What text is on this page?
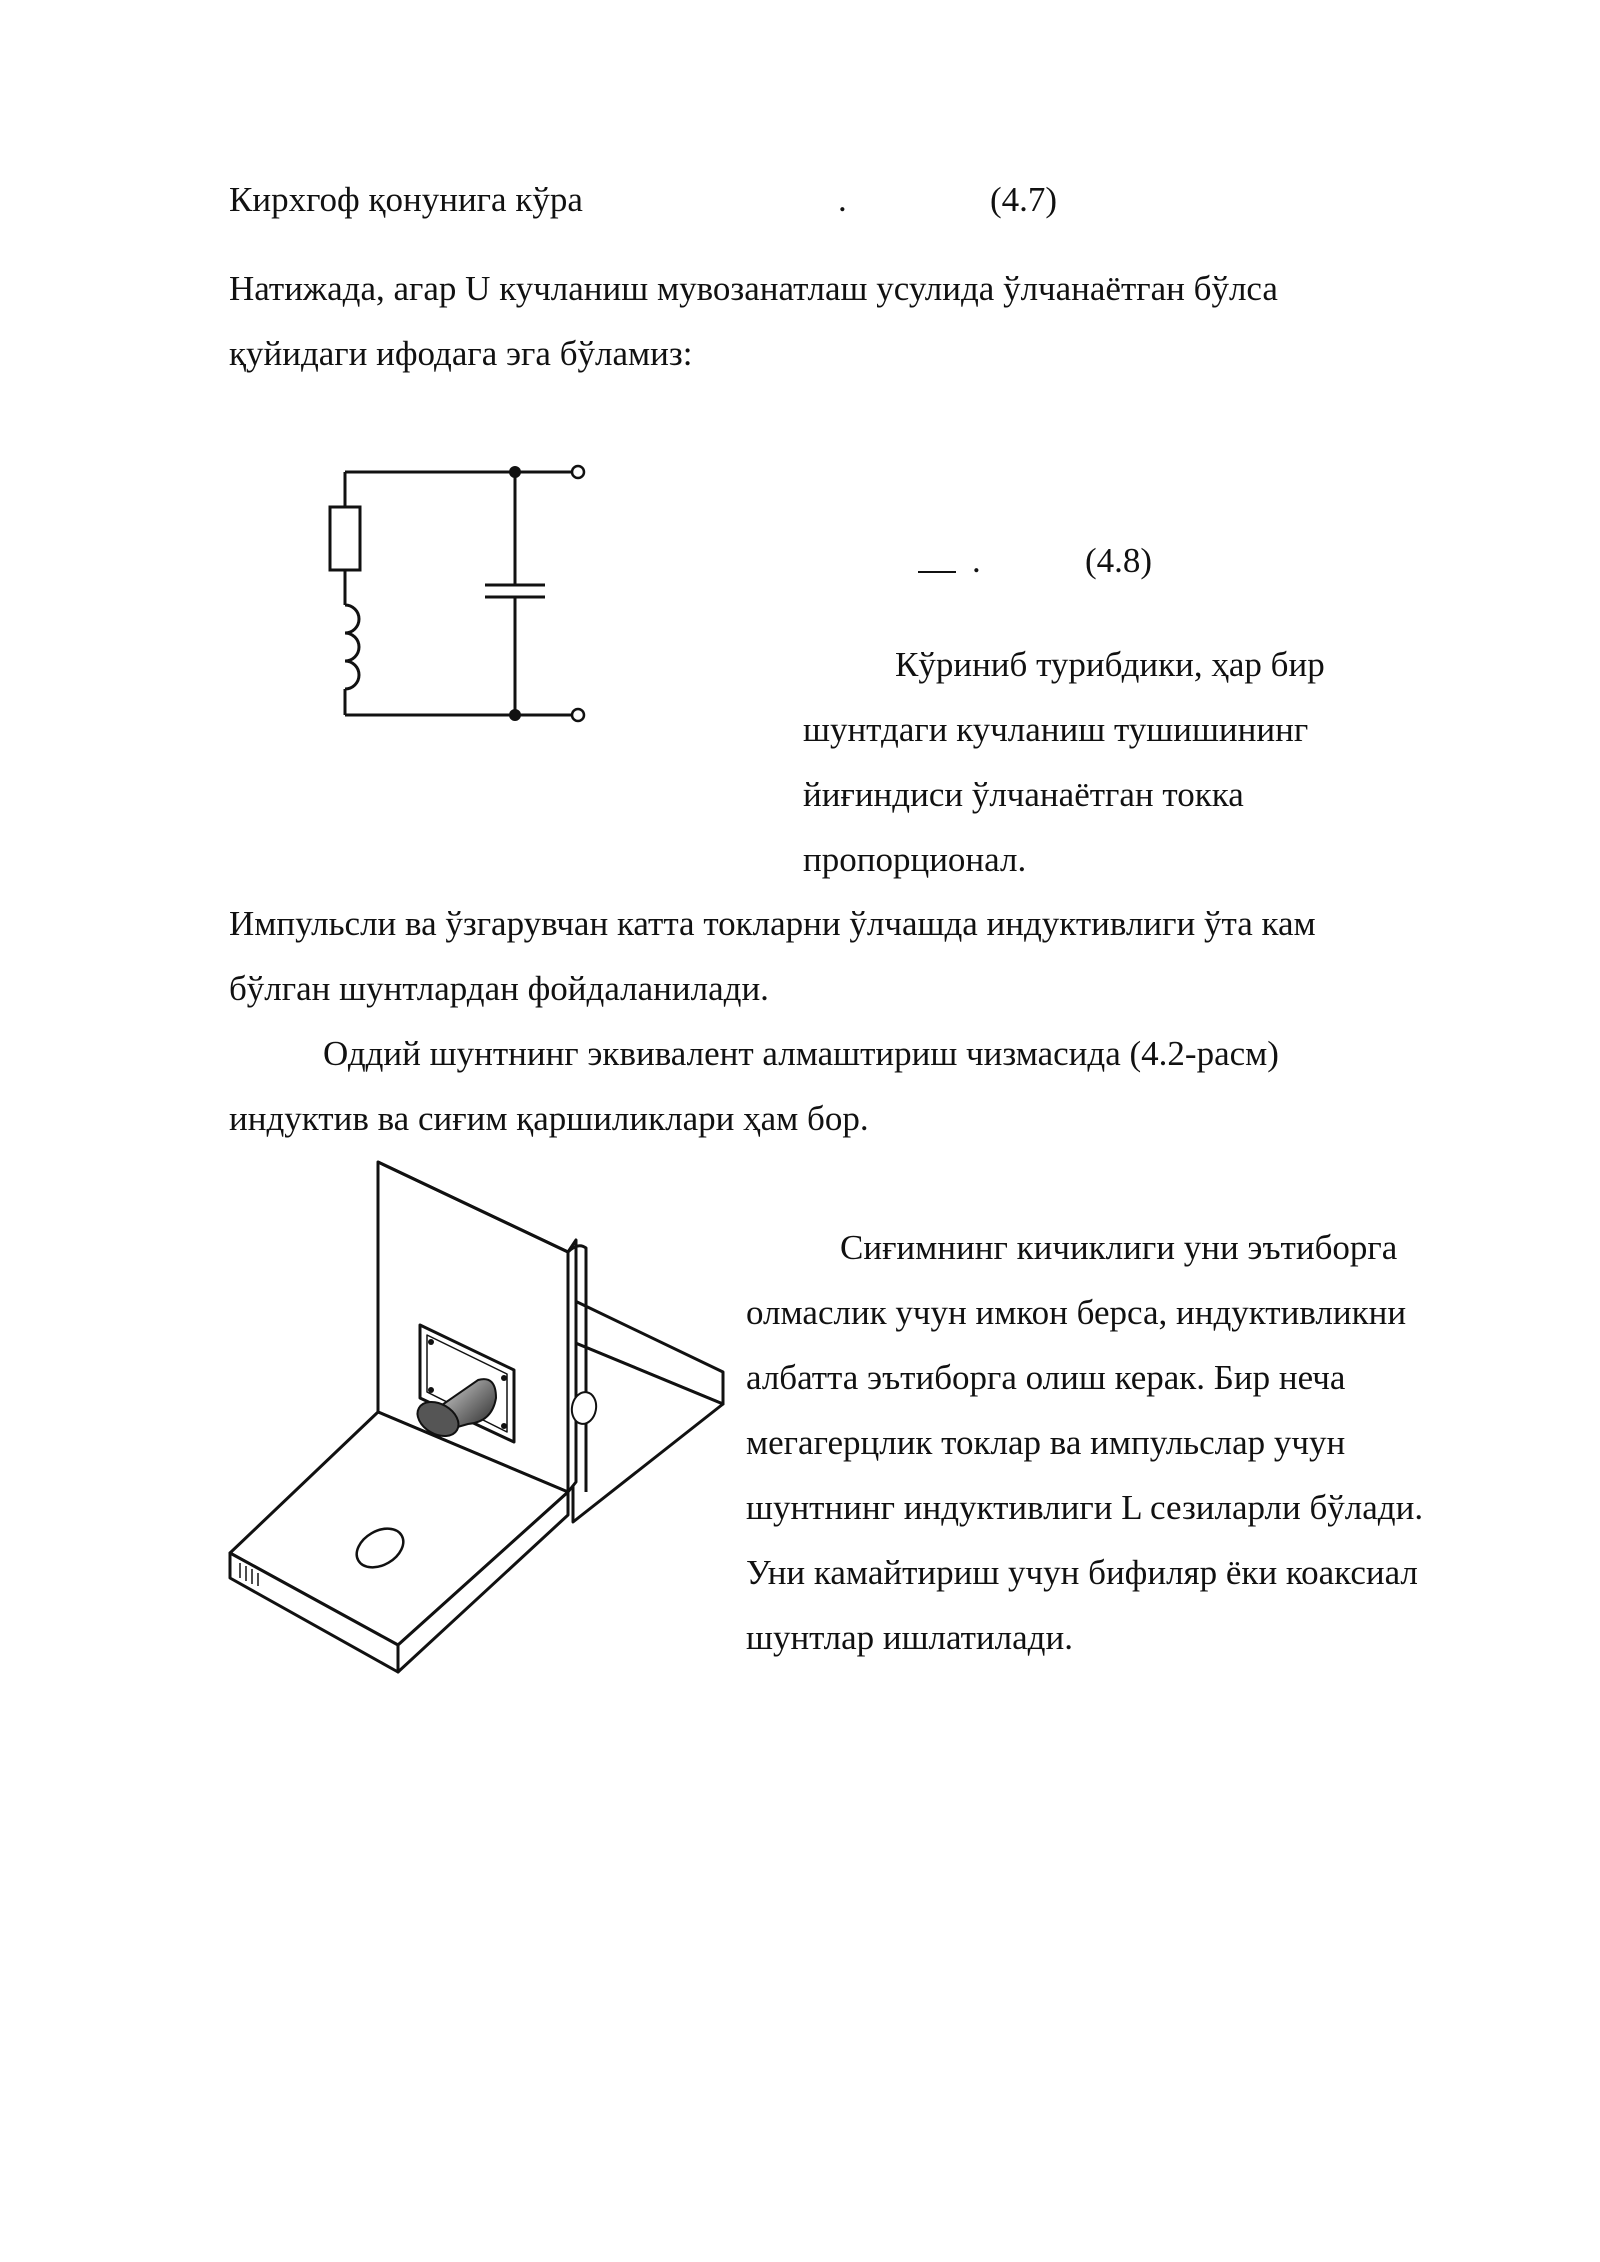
Кирхгоф қонунига кўра	.	(4.7)
Натижада, агар U кучланиш мувозанатлаш усулида ўлчанаётган бўлса
қуйидаги ифодага эга бўламиз:
.	(4.8)
Кўриниб турибдики, ҳар бир
шунтдаги кучланиш тушишининг
йиғиндиси ўлчанаётган токка
пропорционал.
Импульсли ва ўзгарувчан катта токларни ўлчашда индуктивлиги ўта кам
бўлган шунтлардан фойдаланилади.
Оддий шунтнинг эквивалент алмаштириш чизмасида (4.2-расм)
индуктив ва сиғим қаршиликлари ҳам бор.
Сиғимнинг кичиклиги уни эътиборга
олмаслик учун имкон берса, индуктивликни
албатта эътиборга олиш керак. Бир неча
мегагерцлик токлар ва импульслар учун
шунтнинг индуктивлиги L сезиларли бўлади.
Уни камайтириш учун бифиляр ёки коаксиал
шунтлар ишлатилади.
